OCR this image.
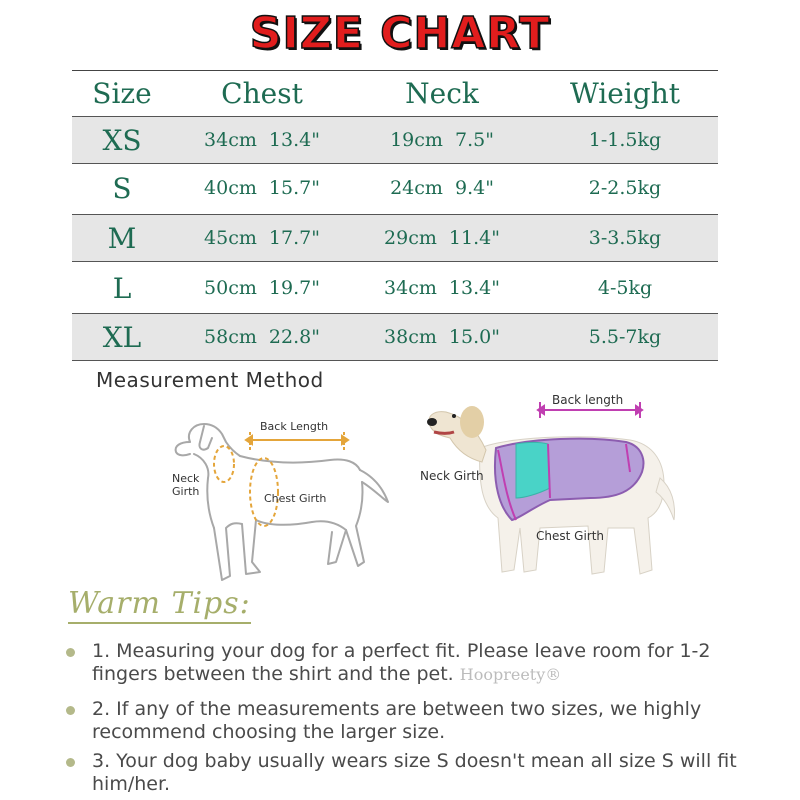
SIZE CHART
Size	Chest	Neck	Wieight
XS	34cm  13.4"	19cm  7.5"	1-1.5kg
S	40cm  15.7"	24cm  9.4"	2-2.5kg
M	45cm  17.7"	29cm  11.4"	3-3.5kg
L	50cm  19.7"	34cm  13.4"	4-5kg
XL	58cm  22.8"	38cm  15.0"	5.5-7kg
Measurement Method
Back Length
Neck
Girth
Chest Girth
Back length
Neck Girth
Chest Girth
Warm Tips:
1. Measuring your dog for a perfect fit. Please leave room for 1-2 fingers between the shirt and the pet. Hoopreety®
2. If any of the measurements are between two sizes, we highly recommend choosing the larger size.
3. Your dog baby usually wears size S doesn't mean all size S will fit him/her.
